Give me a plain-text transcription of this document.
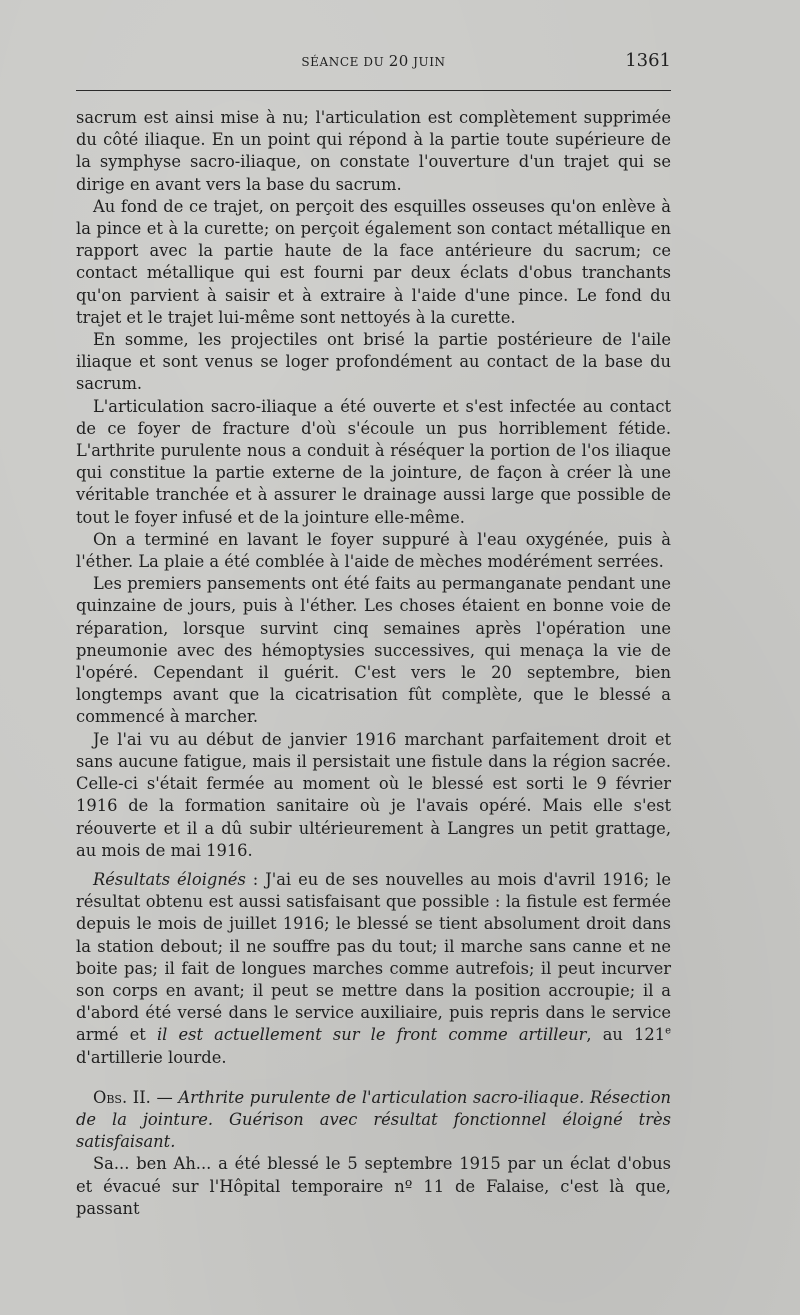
SÉANCE DU 20 JUIN	1361

sacrum est ainsi mise à nu; l'articulation est complètement supprimée du côté iliaque. En un point qui répond à la partie toute supérieure de la symphyse sacro-iliaque, on constate l'ouverture d'un trajet qui se dirige en avant vers la base du sacrum.

Au fond de ce trajet, on perçoit des esquilles osseuses qu'on enlève à la pince et à la curette; on perçoit également son contact métallique en rapport avec la partie haute de la face antérieure du sacrum; ce contact métallique qui est fourni par deux éclats d'obus tranchants qu'on parvient à saisir et à extraire à l'aide d'une pince. Le fond du trajet et le trajet lui-même sont nettoyés à la curette.

En somme, les projectiles ont brisé la partie postérieure de l'aile iliaque et sont venus se loger profondément au contact de la base du sacrum.

L'articulation sacro-iliaque a été ouverte et s'est infectée au contact de ce foyer de fracture d'où s'écoule un pus horriblement fétide. L'arthrite purulente nous a conduit à réséquer la portion de l'os iliaque qui constitue la partie externe de la jointure, de façon à créer là une véritable tranchée et à assurer le drainage aussi large que possible de tout le foyer infusé et de la jointure elle-même.

On a terminé en lavant le foyer suppuré à l'eau oxygénée, puis à l'éther. La plaie a été comblée à l'aide de mèches modérément serrées.

Les premiers pansements ont été faits au permanganate pendant une quinzaine de jours, puis à l'éther. Les choses étaient en bonne voie de réparation, lorsque survint cinq semaines après l'opération une pneumonie avec des hémoptysies successives, qui menaça la vie de l'opéré. Cependant il guérit. C'est vers le 20 septembre, bien longtemps avant que la cicatrisation fût complète, que le blessé a commencé à marcher.

Je l'ai vu au début de janvier 1916 marchant parfaitement droit et sans aucune fatigue, mais il persistait une fistule dans la région sacrée. Celle-ci s'était fermée au moment où le blessé est sorti le 9 février 1916 de la formation sanitaire où je l'avais opéré. Mais elle s'est réouverte et il a dû subir ultérieurement à Langres un petit grattage, au mois de mai 1916.

Résultats éloignés : J'ai eu de ses nouvelles au mois d'avril 1916; le résultat obtenu est aussi satisfaisant que possible : la fistule est fermée depuis le mois de juillet 1916; le blessé se tient absolument droit dans la station debout; il ne souffre pas du tout; il marche sans canne et ne boite pas; il fait de longues marches comme autrefois; il peut incurver son corps en avant; il peut se mettre dans la position accroupie; il a d'abord été versé dans le service auxiliaire, puis repris dans le service armé et il est actuellement sur le front comme artilleur, au 121e d'artillerie lourde.

Obs. II. — Arthrite purulente de l'articulation sacro-iliaque. Résection de la jointure. Guérison avec résultat fonctionnel éloigné très satisfaisant.

Sa... ben Ah... a été blessé le 5 septembre 1915 par un éclat d'obus et évacué sur l'Hôpital temporaire nº 11 de Falaise, c'est là que, passant
